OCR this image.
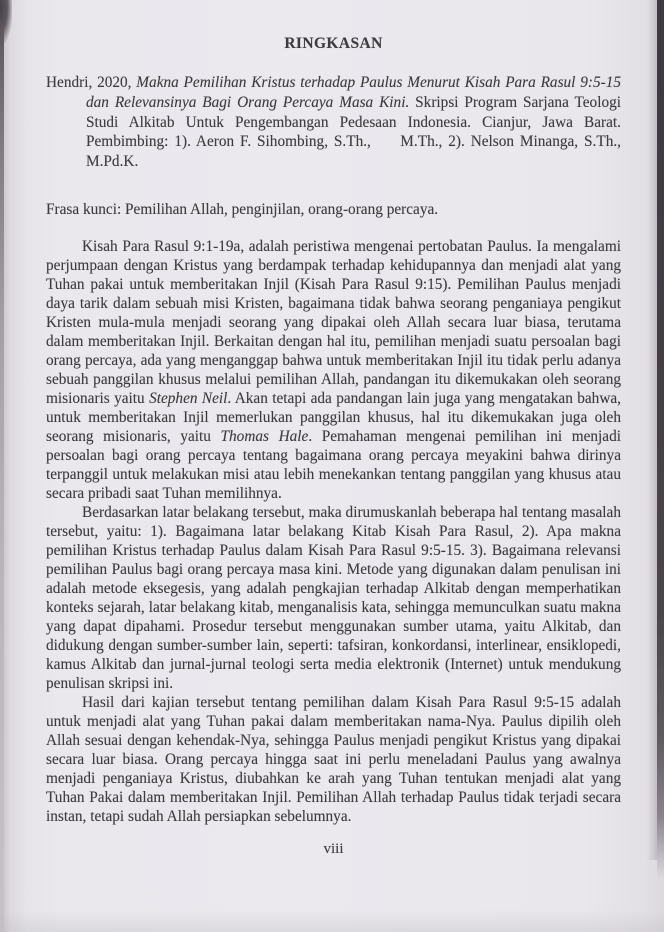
RINGKASAN

Hendri, 2020, Makna Pemilihan Kristus terhadap Paulus Menurut Kisah Para Rasul 9:5-15 dan Relevansinya Bagi Orang Percaya Masa Kini. Skripsi Program Sarjana Teologi Studi Alkitab Untuk Pengembangan Pedesaan Indonesia. Cianjur, Jawa Barat. Pembimbing: 1). Aeron F. Sihombing, S.Th.,     M.Th., 2). Nelson Minanga, S.Th., M.Pd.K.

Frasa kunci: Pemilihan Allah, penginjilan, orang-orang percaya.

Kisah Para Rasul 9:1-19a, adalah peristiwa mengenai pertobatan Paulus. Ia mengalami perjumpaan dengan Kristus yang berdampak terhadap kehidupannya dan menjadi alat yang Tuhan pakai untuk memberitakan Injil (Kisah Para Rasul 9:15). Pemilihan Paulus menjadi daya tarik dalam sebuah misi Kristen, bagaimana tidak bahwa seorang penganiaya pengikut Kristen mula-mula menjadi seorang yang dipakai oleh Allah secara luar biasa, terutama dalam memberitakan Injil. Berkaitan dengan hal itu, pemilihan menjadi suatu persoalan bagi orang percaya, ada yang menganggap bahwa untuk memberitakan Injil itu tidak perlu adanya sebuah panggilan khusus melalui pemilihan Allah, pandangan itu dikemukakan oleh seorang misionaris yaitu Stephen Neil. Akan tetapi ada pandangan lain juga yang mengatakan bahwa, untuk memberitakan Injil memerlukan panggilan khusus, hal itu dikemukakan juga oleh seorang misionaris, yaitu Thomas Hale. Pemahaman mengenai pemilihan ini menjadi persoalan bagi orang percaya tentang bagaimana orang percaya meyakini bahwa dirinya terpanggil untuk melakukan misi atau lebih menekankan tentang panggilan yang khusus atau secara pribadi saat Tuhan memilihnya.

Berdasarkan latar belakang tersebut, maka dirumuskanlah beberapa hal tentang masalah tersebut, yaitu: 1). Bagaimana latar belakang Kitab Kisah Para Rasul, 2). Apa makna pemilihan Kristus terhadap Paulus dalam Kisah Para Rasul 9:5-15. 3). Bagaimana relevansi pemilihan Paulus bagi orang percaya masa kini. Metode yang digunakan dalam penulisan ini adalah metode eksegesis, yang adalah pengkajian terhadap Alkitab dengan memperhatikan konteks sejarah, latar belakang kitab, menganalisis kata, sehingga memunculkan suatu makna yang dapat dipahami. Prosedur tersebut menggunakan sumber utama, yaitu Alkitab, dan didukung dengan sumber-sumber lain, seperti: tafsiran, konkordansi, interlinear, ensiklopedi, kamus Alkitab dan jurnal-jurnal teologi serta media elektronik (Internet) untuk mendukung penulisan skripsi ini.

Hasil dari kajian tersebut tentang pemilihan dalam Kisah Para Rasul 9:5-15 adalah untuk menjadi alat yang Tuhan pakai dalam memberitakan nama-Nya. Paulus dipilih oleh Allah sesuai dengan kehendak-Nya, sehingga Paulus menjadi pengikut Kristus yang dipakai secara luar biasa. Orang percaya hingga saat ini perlu meneladani Paulus yang awalnya menjadi penganiaya Kristus, diubahkan ke arah yang Tuhan tentukan menjadi alat yang Tuhan Pakai dalam memberitakan Injil. Pemilihan Allah terhadap Paulus tidak terjadi secara instan, tetapi sudah Allah persiapkan sebelumnya.

viii
